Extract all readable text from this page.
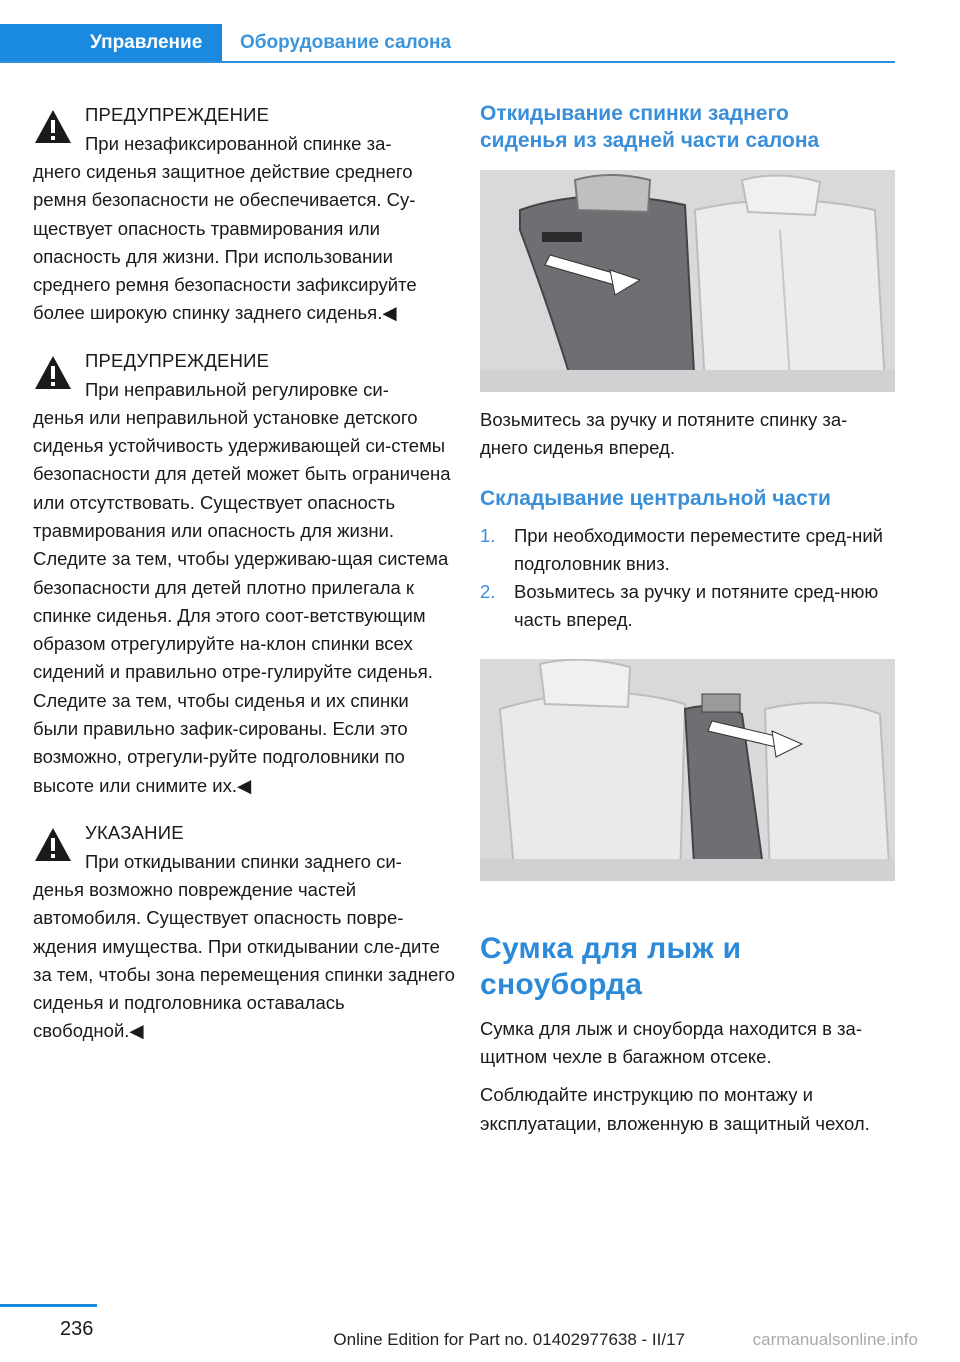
Управление	Оборудование салона
ПРЕДУПРЕЖДЕНИЕ
При незафиксированной спинке за-
днего сиденья защитное действие среднего ремня безопасности не обеспечивается. Су-ществует опасность травмирования или опасность для жизни. При использовании среднего ремня безопасности зафиксируйте более широкую спинку заднего сиденья.◀
ПРЕДУПРЕЖДЕНИЕ
При неправильной регулировке си-
денья или неправильной установке детского сиденья устойчивость удерживающей си-стемы безопасности для детей может быть ограничена или отсутствовать. Существует опасность травмирования или опасность для жизни. Следите за тем, чтобы удерживаю-щая система безопасности для детей плотно прилегала к спинке сиденья. Для этого соот-ветствующим образом отрегулируйте на-клон спинки всех сидений и правильно отре-гулируйте сиденья. Следите за тем, чтобы сиденья и их спинки были правильно зафик-сированы. Если это возможно, отрегули-руйте подголовники по высоте или снимите их.◀
УКАЗАНИЕ
При откидывании спинки заднего си-
денья возможно повреждение частей автомобиля. Существует опасность повре-ждения имущества. При откидывании сле-дите за тем, чтобы зона перемещения спинки заднего сиденья и подголовника оставалась свободной.◀
Откидывание спинки заднего сиденья из задней части салона
Возьмитесь за ручку и потяните спинку за-днего сиденья вперед.
Складывание центральной части
1. При необходимости переместите сред-ний подголовник вниз.
2. Возьмитесь за ручку и потяните сред-нюю часть вперед.
Сумка для лыж и сноуборда
Сумка для лыж и сноуборда находится в за-щитном чехле в багажном отсеке.
Соблюдайте инструкцию по монтажу и эксплуатации, вложенную в защитный чехол.
236	Online Edition for Part no. 01402977638 - II/17	carmanualsonline.info
